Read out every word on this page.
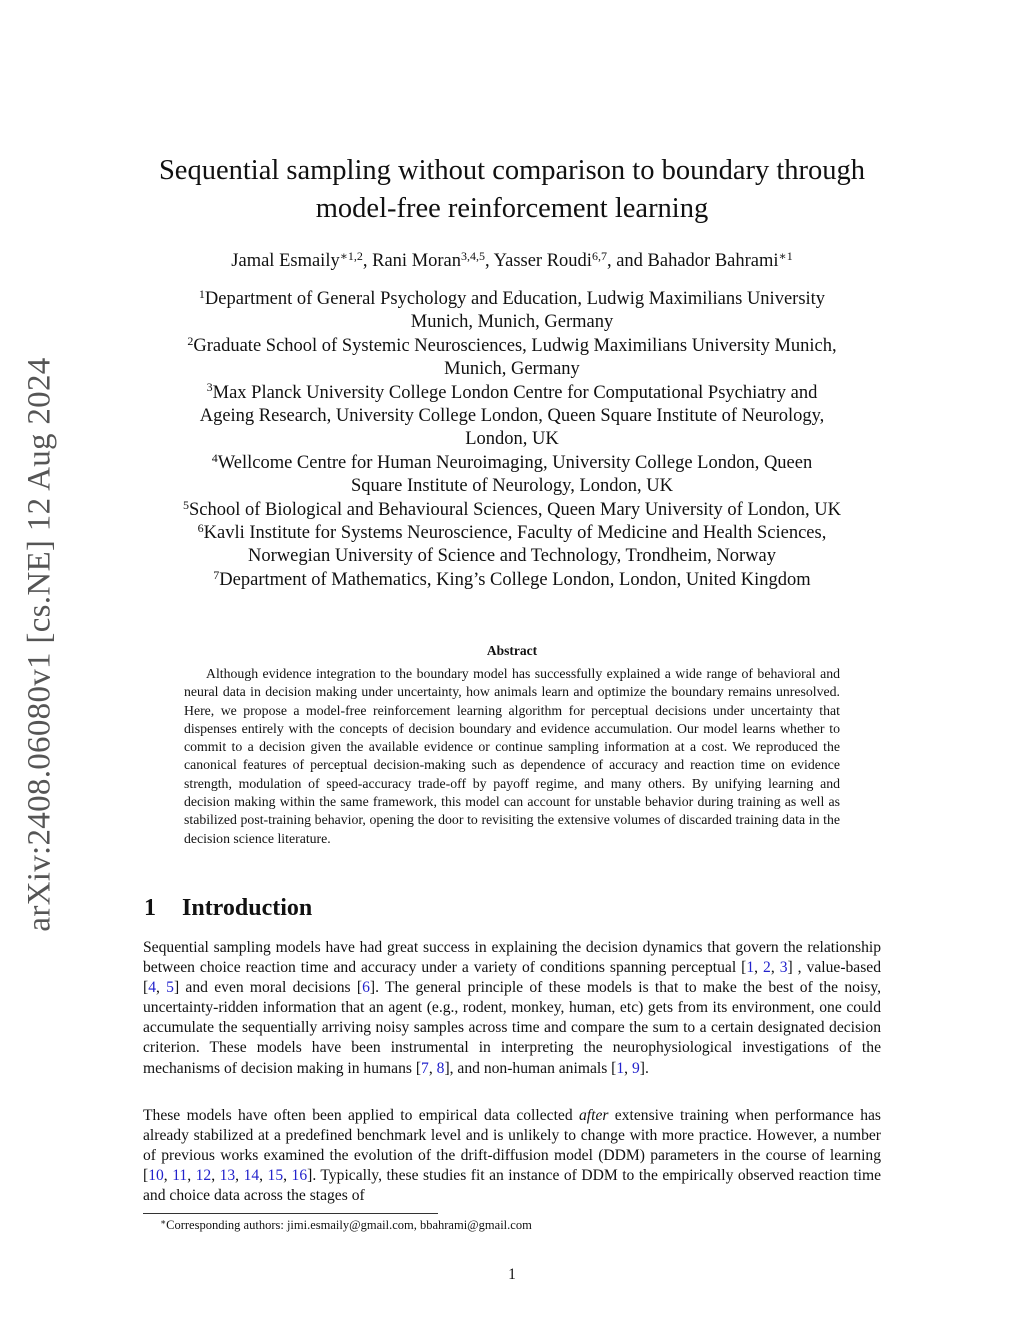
arXiv:2408.06080v1 [cs.NE] 12 Aug 2024
Sequential sampling without comparison to boundary through
model-free reinforcement learning
Jamal Esmaily$^{∗1,2}$, Rani Moran$^{3,4,5}$, Yasser Roudi$^{6,7}$, and Bahador Bahrami$^{∗1}$
$^1$Department of General Psychology and Education, Ludwig Maximilians University
Munich, Munich, Germany
$^2$Graduate School of Systemic Neurosciences, Ludwig Maximilians University Munich,
Munich, Germany
$^3$Max Planck University College London Centre for Computational Psychiatry and
Ageing Research, University College London, Queen Square Institute of Neurology,
London, UK
$^4$Wellcome Centre for Human Neuroimaging, University College London, Queen
Square Institute of Neurology, London, UK
$^5$School of Biological and Behavioural Sciences, Queen Mary University of London, UK
$^6$Kavli Institute for Systems Neuroscience, Faculty of Medicine and Health Sciences,
Norwegian University of Science and Technology, Trondheim, Norway
$^7$Department of Mathematics, King’s College London, London, United Kingdom
Abstract
Although evidence integration to the boundary model has successfully explained a wide range of behavioral and neural data in decision making under uncertainty, how animals learn and optimize the boundary remains unresolved. Here, we propose a model-free reinforcement learning algorithm for perceptual decisions under uncertainty that dispenses entirely with the concepts of decision boundary and evidence accumulation. Our model learns whether to commit to a decision given the available evidence or continue sampling information at a cost. We reproduced the canonical features of perceptual decision-making such as dependence of accuracy and reaction time on evidence strength, modulation of speed-accuracy trade-off by payoff regime, and many others. By unifying learning and decision making within the same framework, this model can account for unstable behavior during training as well as stabilized post-training behavior, opening the door to revisiting the extensive volumes of discarded training data in the decision science literature.
1 Introduction
Sequential sampling models have had great success in explaining the decision dynamics that govern the relationship between choice reaction time and accuracy under a variety of conditions spanning perceptual [1, 2, 3] , value-based [4, 5] and even moral decisions [6]. The general principle of these models is that to make the best of the noisy, uncertainty-ridden information that an agent (e.g., rodent, monkey, human, etc) gets from its environment, one could accumulate the sequentially arriving noisy samples across time and compare the sum to a certain designated decision criterion. These models have been instrumental in interpreting the neurophysiological investigations of the mechanisms of decision making in humans [7, 8], and non-human animals [1, 9].
These models have often been applied to empirical data collected after extensive training when performance has already stabilized at a predefined benchmark level and is unlikely to change with more practice. However, a number of previous works examined the evolution of the drift-diffusion model (DDM) parameters in the course of learning [10, 11, 12, 13, 14, 15, 16]. Typically, these studies fit an instance of DDM to the empirically observed reaction time and choice data across the stages of
∗Corresponding authors: jimi.esmaily@gmail.com, bbahrami@gmail.com
1
